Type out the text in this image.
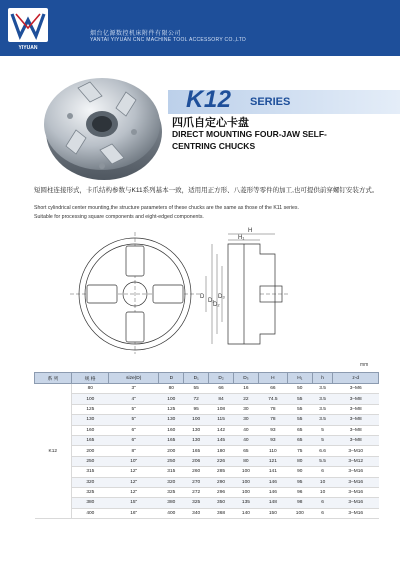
YIYUAN
烟台亿源数控机床附件有限公司
YANTAI YIYUAN CNC MACHINE TOOL ACCESSORY CO.,LTD
K12 SERIES
四爪自定心卡盘
DIRECT MOUNTING FOUR-JAW SELF-
CENTRING CHUCKS
短圆柱连接形式，卡爪结构参数与K11系列基本一致，适用用正方形、八菱形等零件的加工,也可提供前穿螺钉安装方式。
Short cylindrical center mounting,the structure parameters of these chucks are the same as those of the K11 series.
Suitable for processing square components and eight-edged components.
H
H₁
D
D₁
D₂
D₃
mm
系 列	规 格	size(D)	D	D₁	D₂	D₃	H	H₁	h	z-d
K12	80	3"	80	55	66	16	66	50	3.5	3–M6
	100	4"	100	72	84	22	74.5	55	3.5	3–M8
	125	5"	125	95	108	30	78	55	3.5	3–M8
	130	5"	130	100	115	30	78	55	3.5	3–M8
	160	6"	160	130	142	40	93	65	5	3–M8
	165	6"	165	130	145	40	93	65	5	3–M8
	200	8"	200	165	180	65	110	75	6.6	3–M10
	250	10"	250	206	226	80	121	80	5.5	3–M12
	315	12"	315	260	285	100	141	90	6	3–M16
	320	12"	320	270	290	100	146	95	10	3–M16
	325	12"	325	272	296	100	146	96	10	3–M16
	380	15"	380	325	350	135	148	98	6	3–M16
	400	16"	400	340	368	140	150	100	6	3–M16
